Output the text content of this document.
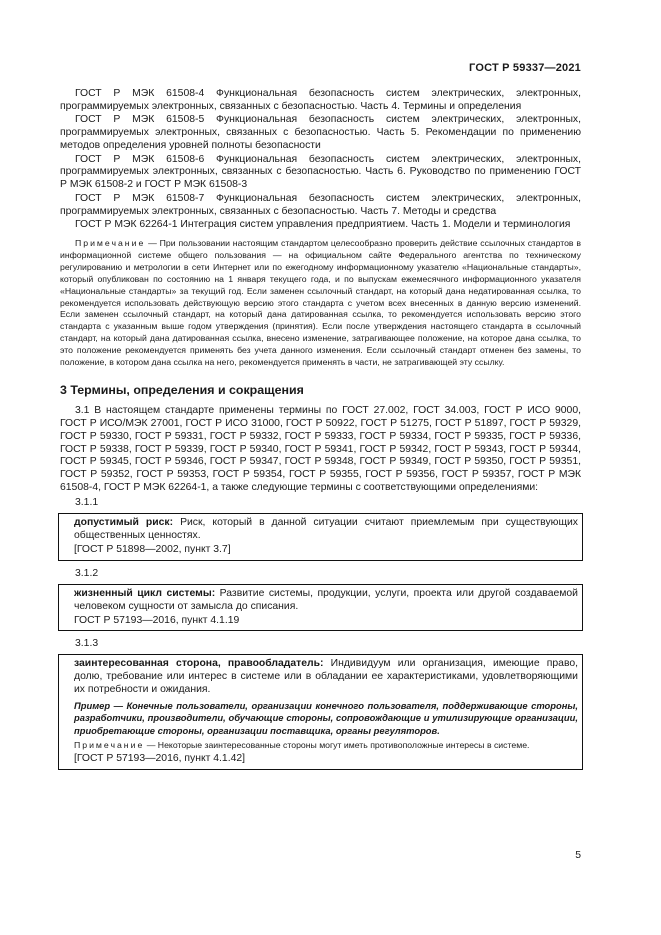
ГОСТ Р 59337—2021

ГОСТ Р МЭК 61508-4 Функциональная безопасность систем электрических, электронных, программируемых электронных, связанных с безопасностью. Часть 4. Термины и определения

ГОСТ Р МЭК 61508-5 Функциональная безопасность систем электрических, электронных, программируемых электронных, связанных с безопасностью. Часть 5. Рекомендации по применению методов определения уровней полноты безопасности

ГОСТ Р МЭК 61508-6 Функциональная безопасность систем электрических, электронных, программируемых электронных, связанных с безопасностью. Часть 6. Руководство по применению ГОСТ Р МЭК 61508-2 и ГОСТ Р МЭК 61508-3

ГОСТ Р МЭК 61508-7 Функциональная безопасность систем электрических, электронных, программируемых электронных, связанных с безопасностью. Часть 7. Методы и средства

ГОСТ Р МЭК 62264-1 Интеграция систем управления предприятием. Часть 1. Модели и терминология

Примечание — При пользовании настоящим стандартом целесообразно проверить действие ссылочных стандартов в информационной системе общего пользования — на официальном сайте Федерального агентства по техническому регулированию и метрологии в сети Интернет или по ежегодному информационному указателю «Национальные стандарты», который опубликован по состоянию на 1 января текущего года, и по выпускам ежемесячного информационного указателя «Национальные стандарты» за текущий год. Если заменен ссылочный стандарт, на который дана недатированная ссылка, то рекомендуется использовать действующую версию этого стандарта с учетом всех внесенных в данную версию изменений. Если заменен ссылочный стандарт, на который дана датированная ссылка, то рекомендуется использовать версию этого стандарта с указанным выше годом утверждения (принятия). Если после утверждения настоящего стандарта в ссылочный стандарт, на который дана датированная ссылка, внесено изменение, затрагивающее положение, на которое дана ссылка, то это положение рекомендуется применять без учета данного изменения. Если ссылочный стандарт отменен без замены, то положение, в котором дана ссылка на него, рекомендуется применять в части, не затрагивающей эту ссылку.

3 Термины, определения и сокращения

3.1 В настоящем стандарте применены термины по ГОСТ 27.002, ГОСТ 34.003, ГОСТ Р ИСО 9000, ГОСТ Р ИСО/МЭК 27001, ГОСТ Р ИСО 31000, ГОСТ Р 50922, ГОСТ Р 51275, ГОСТ Р 51897, ГОСТ Р 59329, ГОСТ Р 59330, ГОСТ Р 59331, ГОСТ Р 59332, ГОСТ Р 59333, ГОСТ Р 59334, ГОСТ Р 59335, ГОСТ Р 59336, ГОСТ Р 59338, ГОСТ Р 59339, ГОСТ Р 59340, ГОСТ Р 59341, ГОСТ Р 59342, ГОСТ Р 59343, ГОСТ Р 59344, ГОСТ Р 59345, ГОСТ Р 59346, ГОСТ Р 59347, ГОСТ Р 59348, ГОСТ Р 59349, ГОСТ Р 59350, ГОСТ Р 59351, ГОСТ Р 59352, ГОСТ Р 59353, ГОСТ Р 59354, ГОСТ Р 59355, ГОСТ Р 59356, ГОСТ Р 59357, ГОСТ Р МЭК 61508-4, ГОСТ Р МЭК 62264-1, а также следующие термины с соответствующими определениями:

3.1.1

допустимый риск: Риск, который в данной ситуации считают приемлемым при существующих общественных ценностях.

[ГОСТ Р 51898—2002, пункт 3.7]

3.1.2

жизненный цикл системы: Развитие системы, продукции, услуги, проекта или другой создаваемой человеком сущности от замысла до списания.

ГОСТ Р 57193—2016, пункт 4.1.19

3.1.3

заинтересованная сторона, правообладатель: Индивидуум или организация, имеющие право, долю, требование или интерес в системе или в обладании ее характеристиками, удовлетворяющими их потребности и ожидания.

Пример — Конечные пользователи, организации конечного пользователя, поддерживающие стороны, разработчики, производители, обучающие стороны, сопровождающие и утилизирующие организации, приобретающие стороны, организации поставщика, органы регуляторов.

Примечание — Некоторые заинтересованные стороны могут иметь противоположные интересы в системе.

[ГОСТ Р 57193—2016, пункт 4.1.42]

5
